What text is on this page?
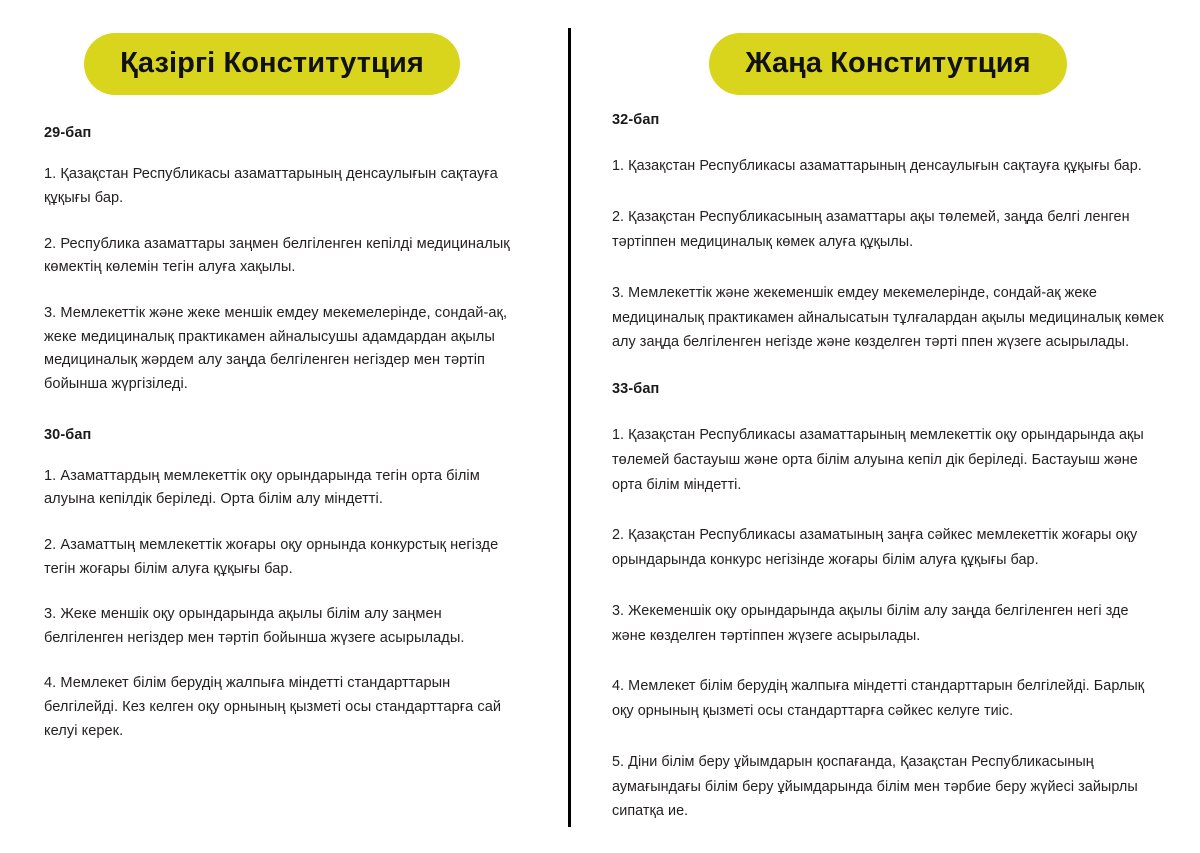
Қазіргі Конститутция
29-бап

1. Қазақстан Республикасы азаматтарының денсаулығын сақтауға құқығы бар.

2. Республика азаматтары заңмен белгіленген кепілді медициналық көмектің көлемін тегін алуға хақылы.

3. Мемлекеттік және жеке меншік емдеу мекемелерінде, сондай-ақ, жеке медициналық практикамен айналысушы адамдардан ақылы медициналық жәрдем алу заңда белгіленген негіздер мен тәртіп бойынша жүргізіледі.

30-бап

1. Азаматтардың мемлекеттік оқу орындарында тегін орта білім алуына кепілдік беріледі. Орта білім алу міндетті.

2. Азаматтың мемлекеттік жоғары оқу орнында конкурстық негізде тегін жоғары білім алуға құқығы бар.

3. Жеке меншік оқу орындарында ақылы білім алу заңмен белгіленген негіздер мен тәртіп бойынша жүзеге асырылады.

4. Мемлекет білім берудің жалпыға міндетті стандарттарын белгілейді. Кез келген оқу орнының қызметі осы стандарттарға сай келуі керек.

Жаңа Конститутция
32-бап

1. Қазақстан Республикасы азаматтарының денсаулығын сақтауға құқығы бар.

2. Қазақстан Республикасының азаматтары ақы төлемей, заңда белгі ленген тәртіппен медициналық көмек алуға құқылы.

3. Мемлекеттік және жекеменшік емдеу мекемелерінде, сондай-ақ жеке медициналық практикамен айналысатын тұлғалардан ақылы медициналық көмек алу заңда белгіленген негізде және көзделген тәрті ппен жүзеге асырылады.

33-бап

1. Қазақстан Республикасы азаматтарының мемлекеттік оқу орындарында ақы төлемей бастауыш және орта білім алуына кепіл дік беріледі. Бастауыш және орта білім міндетті.

2. Қазақстан Республикасы азаматының заңға сәйкес мемлекеттік жоғары оқу орындарында конкурс негізінде жоғары білім алуға құқығы бар.

3. Жекеменшік оқу орындарында ақылы білім алу заңда белгіленген негі зде және көзделген тәртіппен жүзеге асырылады.

4. Мемлекет білім берудің жалпыға міндетті стандарттарын белгілейді. Барлық оқу орнының қызметі осы стандарттарға сәйкес келуге тиіс.

5. Діни білім беру ұйымдарын қоспағанда, Қазақстан Республикасының аумағындағы білім беру ұйымдарында білім мен тәрбие беру жүйесі зайырлы сипатқа ие.
